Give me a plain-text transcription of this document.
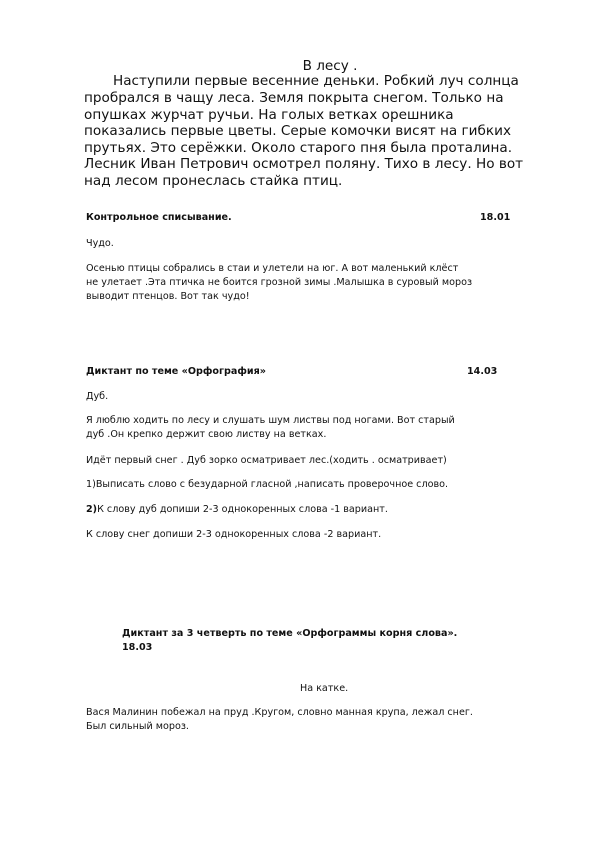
В лесу .
Наступили первые весенние деньки. Робкий луч солнца
пробрался в чащу леса. Земля покрыта снегом. Только на
опушках журчат ручьи. На голых ветках орешника
показались первые цветы. Серые комочки висят на гибких
прутьях. Это серёжки. Около старого пня была проталина.
Лесник Иван Петрович осмотрел поляну. Тихо в лесу. Но вот
над лесом пронеслась стайка птиц.
Контрольное списывание.	18.01
Чудо.
Осенью птицы собрались в стаи и улетели на юг. А вот маленький клёст
не улетает .Эта птичка не боится грозной зимы .Малышка в суровый мороз
выводит птенцов. Вот так чудо!
Диктант по теме «Орфография»	14.03
Дуб.
Я люблю ходить по лесу и слушать шум листвы под ногами. Вот старый
дуб .Он крепко держит свою листву на ветках.
Идёт первый снег . Дуб зорко осматривает лес.(ходить . осматривает)
1)Выписать слово с безударной гласной ,написать проверочное слово.
2)К слову дуб допиши 2-3 однокоренных слова -1 вариант.
К слову снег допиши 2-3 однокоренных слова -2 вариант.
Диктант за 3 четверть по теме «Орфограммы корня слова».
18.03
На катке.
Вася Малинин побежал на пруд .Кругом, словно манная крупа, лежал снег.
Был сильный мороз.
